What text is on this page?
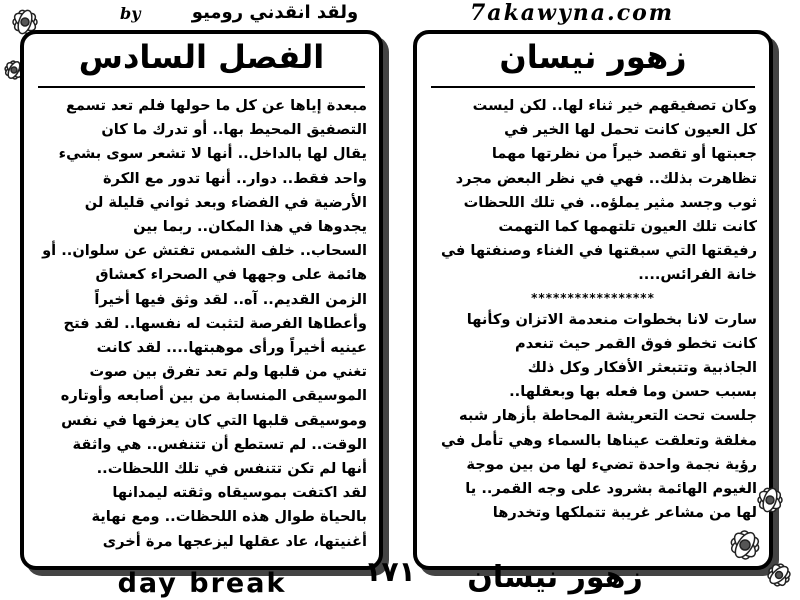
by	ولقد انقدني روميو	7akawyna.com
الفصل السادس
مبعدة إياها عن كل ما حولها فلم تعد تسمع
التصفيق المحيط بها.. أو تدرك ما كان
يقال لها بالداخل.. أنها لا تشعر سوى بشيء
واحد فقط.. دوار.. أنها تدور مع الكرة
الأرضية في الفضاء وبعد ثواني قليلة لن
يجدوها في هذا المكان.. ربما بين
السحاب.. خلف الشمس تفتش عن سلوان.. أو
هائمة على وجهها في الصحراء كعشاق
الزمن القديم.. آه.. لقد وثق فيها أخيراً
وأعطاها الفرصة لتثبت له نفسها.. لقد فتح
عينيه أخيراً ورأى موهبتها.... لقد كانت
تغني من قلبها ولم تعد تفرق بين صوت
الموسيقى المنسابة من بين أصابعه وأوتاره
وموسيقى قلبها التي كان يعزفها في نفس
الوقت.. لم تستطع أن تتنفس.. هي واثقة
أنها لم تكن تتنفس في تلك اللحظات..
لقد اكتفت بموسيقاه وثقته ليمدانها
بالحياة طوال هذه اللحظات.. ومع نهاية
أغنيتها، عاد عقلها ليزعجها مرة أخرى
زهور نيسان
وكان تصفيقهم خير ثناء لها.. لكن ليست
كل العيون كانت تحمل لها الخير في
جعبتها أو تقصد خيراً من نظرتها مهما
تظاهرت بذلك.. فهي في نظر البعض مجرد
ثوب وجسد مثير يملؤه.. في تلك اللحظات
كانت تلك العيون تلتهمها كما التهمت
رفيقتها التي سبقتها في الغناء وصنفتها في
خانة الفرائس....
*****************
سارت لانا بخطوات منعدمة الاتزان وكأنها
كانت تخطو فوق القمر حيث تنعدم
الجاذبية وتتبعثر الأفكار وكل ذلك
بسبب حسن وما فعله بها وبعقلها..
جلست تحت التعريشة المحاطة بأزهار شبه
مغلقة وتعلقت عيناها بالسماء وهي تأمل في
رؤية نجمة واحدة تضيء لها من بين موجة
الغيوم الهائمة بشرود على وجه القمر.. يا
لها من مشاعر غريبة تتملكها وتخدرها
day break	١٧١	زهور نيسان
